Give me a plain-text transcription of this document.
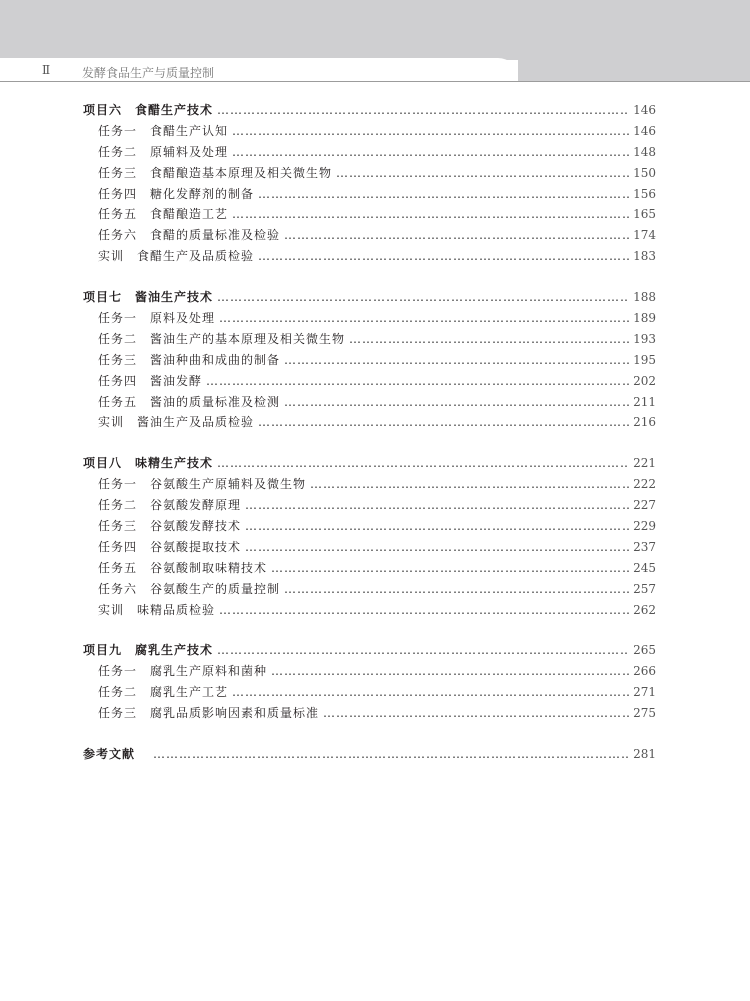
Ⅱ	发酵食品生产与质量控制
项目六　食醋生产技术 …………………………………………………………………………………………………………………………………………………………………………………	146
任务一　食醋生产认知 …………………………………………………………………………………………………………………………………………………………………………………	146
任务二　原辅料及处理 …………………………………………………………………………………………………………………………………………………………………………………	148
任务三　食醋酿造基本原理及相关微生物 …………………………………………………………………………………………………………………………………………………………………………………	150
任务四　糖化发酵剂的制备 …………………………………………………………………………………………………………………………………………………………………………………	156
任务五　食醋酿造工艺 …………………………………………………………………………………………………………………………………………………………………………………	165
任务六　食醋的质量标准及检验 …………………………………………………………………………………………………………………………………………………………………………………	174
实训　食醋生产及品质检验 …………………………………………………………………………………………………………………………………………………………………………………	183
项目七　酱油生产技术 …………………………………………………………………………………………………………………………………………………………………………………	188
任务一　原料及处理 …………………………………………………………………………………………………………………………………………………………………………………	189
任务二　酱油生产的基本原理及相关微生物 …………………………………………………………………………………………………………………………………………………………………………………	193
任务三　酱油种曲和成曲的制备 …………………………………………………………………………………………………………………………………………………………………………………	195
任务四　酱油发酵 …………………………………………………………………………………………………………………………………………………………………………………	202
任务五　酱油的质量标准及检测 …………………………………………………………………………………………………………………………………………………………………………………	211
实训　酱油生产及品质检验 …………………………………………………………………………………………………………………………………………………………………………………	216
项目八　味精生产技术 …………………………………………………………………………………………………………………………………………………………………………………	221
任务一　谷氨酸生产原辅料及微生物 …………………………………………………………………………………………………………………………………………………………………………………	222
任务二　谷氨酸发酵原理 …………………………………………………………………………………………………………………………………………………………………………………	227
任务三　谷氨酸发酵技术 …………………………………………………………………………………………………………………………………………………………………………………	229
任务四　谷氨酸提取技术 …………………………………………………………………………………………………………………………………………………………………………………	237
任务五　谷氨酸制取味精技术 …………………………………………………………………………………………………………………………………………………………………………………	245
任务六　谷氨酸生产的质量控制 …………………………………………………………………………………………………………………………………………………………………………………	257
实训　味精品质检验 …………………………………………………………………………………………………………………………………………………………………………………	262
项目九　腐乳生产技术 …………………………………………………………………………………………………………………………………………………………………………………	265
任务一　腐乳生产原料和菌种 …………………………………………………………………………………………………………………………………………………………………………………	266
任务二　腐乳生产工艺 …………………………………………………………………………………………………………………………………………………………………………………	271
任务三　腐乳品质影响因素和质量标准 …………………………………………………………………………………………………………………………………………………………………………………	275
参考文献 …………………………………………………………………………………………………………………………………………………………………………………	281
